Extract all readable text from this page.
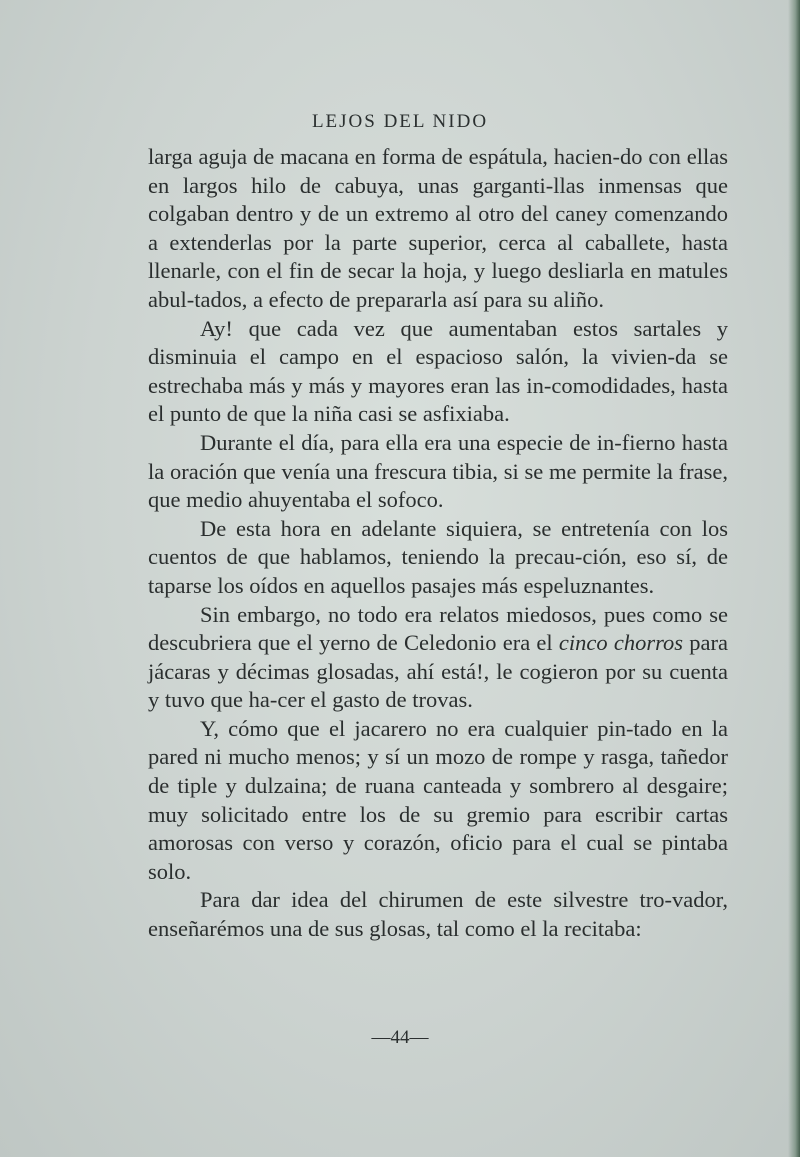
LEJOS DEL NIDO

larga aguja de macana en forma de espátula, hacien-do con ellas en largos hilo de cabuya, unas garganti-llas inmensas que colgaban dentro y de un extremo al otro del caney comenzando a extenderlas por la parte superior, cerca al caballete, hasta llenarle, con el fin de secar la hoja, y luego desliarla en matules abul-tados, a efecto de prepararla así para su aliño.

Ay! que cada vez que aumentaban estos sartales y disminuia el campo en el espacioso salón, la vivien-da se estrechaba más y más y mayores eran las in-comodidades, hasta el punto de que la niña casi se asfixiaba.

Durante el día, para ella era una especie de in-fierno hasta la oración que venía una frescura tibia, si se me permite la frase, que medio ahuyentaba el sofoco.

De esta hora en adelante siquiera, se entretenía con los cuentos de que hablamos, teniendo la precau-ción, eso sí, de taparse los oídos en aquellos pasajes más espeluznantes.

Sin embargo, no todo era relatos miedosos, pues como se descubriera que el yerno de Celedonio era el cinco chorros para jácaras y décimas glosadas, ahí está!, le cogieron por su cuenta y tuvo que ha-cer el gasto de trovas.

Y, cómo que el jacarero no era cualquier pin-tado en la pared ni mucho menos; y sí un mozo de rompe y rasga, tañedor de tiple y dulzaina; de ruana canteada y sombrero al desgaire; muy solicitado entre los de su gremio para escribir cartas amorosas con verso y corazón, oficio para el cual se pintaba solo.

Para dar idea del chirumen de este silvestre tro-vador, enseñarémos una de sus glosas, tal como el la recitaba:

—44—
